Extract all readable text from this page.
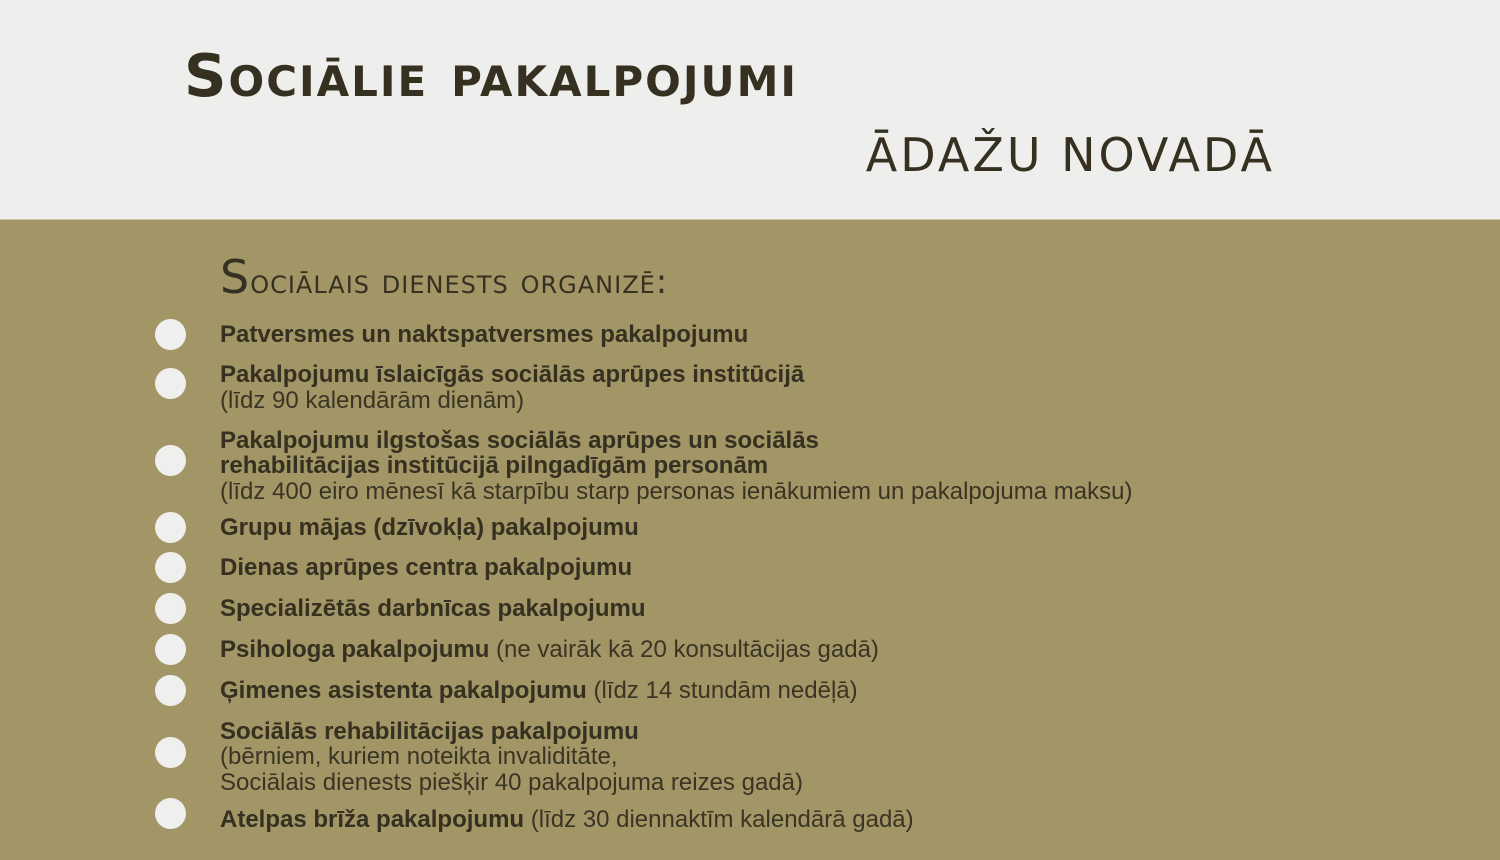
sociālie pakalpojumi
ĀDAŽU NOVADĀ
Sociālais dienests organizē:
Patversmes un naktspatversmes pakalpojumu
Pakalpojumu īslaicīgās sociālās aprūpes institūcijā
(līdz 90 kalendārām dienām)
Pakalpojumu ilgstošas sociālās aprūpes un sociālās
rehabilitācijas institūcijā pilngadīgām personām
(līdz 400 eiro mēnesī kā starpību starp personas ienākumiem un pakalpojuma maksu)
Grupu mājas (dzīvokļa) pakalpojumu
Dienas aprūpes centra pakalpojumu
Specializētās darbnīcas pakalpojumu
Psihologa pakalpojumu (ne vairāk kā 20 konsultācijas gadā)
Ģimenes asistenta pakalpojumu (līdz 14 stundām nedēļā)
Sociālās rehabilitācijas pakalpojumu
(bērniem, kuriem noteikta invaliditāte,
Sociālais dienests piešķir 40 pakalpojuma reizes gadā)
Atelpas brīža pakalpojumu (līdz 30 diennaktīm kalendārā gadā)
